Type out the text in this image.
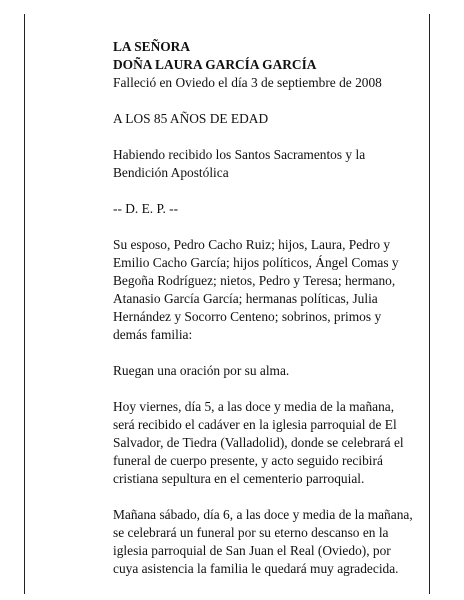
LA SEÑORA
DOÑA LAURA GARCÍA GARCÍA
Falleció en Oviedo el día 3 de septiembre de 2008
A LOS 85 AÑOS DE EDAD
Habiendo recibido los Santos Sacramentos y la
Bendición Apostólica
-- D. E. P. --
Su esposo, Pedro Cacho Ruiz; hijos, Laura, Pedro y
Emilio Cacho García; hijos políticos, Ángel Comas y
Begoña Rodríguez; nietos, Pedro y Teresa; hermano,
Atanasio García García; hermanas políticas, Julia
Hernández y Socorro Centeno; sobrinos, primos y
demás familia:
Ruegan una oración por su alma.
Hoy viernes, día 5, a las doce y media de la mañana,
será recibido el cadáver en la iglesia parroquial de El
Salvador, de Tiedra (Valladolid), donde se celebrará el
funeral de cuerpo presente, y acto seguido recibirá
cristiana sepultura en el cementerio parroquial.
Mañana sábado, día 6, a las doce y media de la mañana,
se celebrará un funeral por su eterno descanso en la
iglesia parroquial de San Juan el Real (Oviedo), por
cuya asistencia la familia le quedará muy agradecida.
